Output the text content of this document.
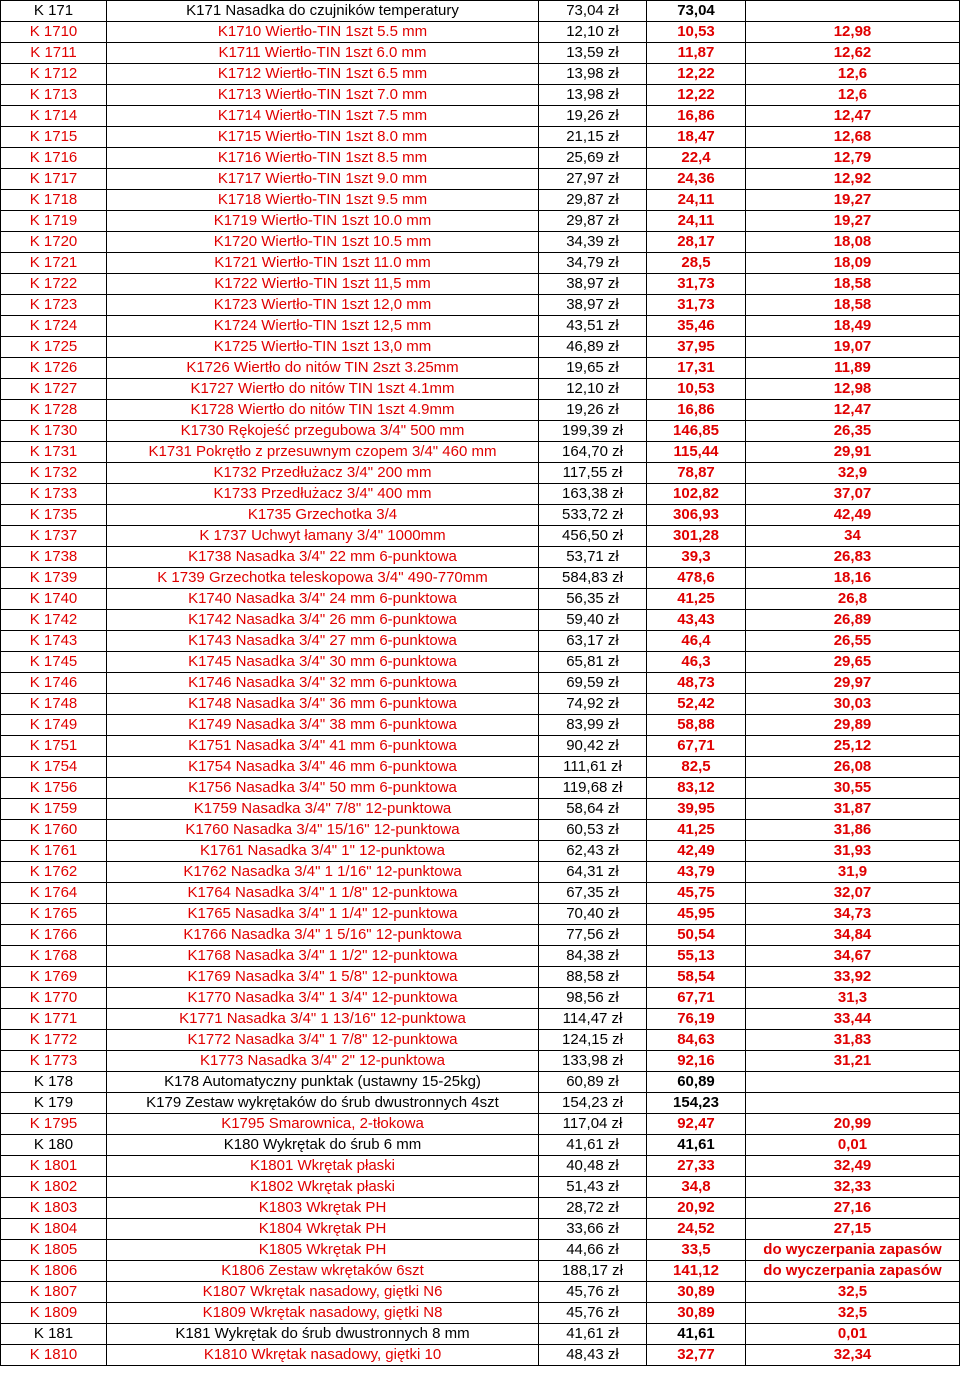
K 171	K171 Nasadka do czujników temperatury	73,04 zł	73,04	
K 1710	K1710 Wiertło-TIN 1szt 5.5 mm	12,10 zł	10,53	12,98
K 1711	K1711 Wiertło-TIN 1szt 6.0 mm	13,59 zł	11,87	12,62
K 1712	K1712 Wiertło-TIN 1szt 6.5 mm	13,98 zł	12,22	12,6
K 1713	K1713 Wiertło-TIN 1szt 7.0 mm	13,98 zł	12,22	12,6
K 1714	K1714 Wiertło-TIN 1szt 7.5 mm	19,26 zł	16,86	12,47
K 1715	K1715 Wiertło-TIN 1szt 8.0 mm	21,15 zł	18,47	12,68
K 1716	K1716 Wiertło-TIN 1szt 8.5 mm	25,69 zł	22,4	12,79
K 1717	K1717 Wiertło-TIN 1szt 9.0 mm	27,97 zł	24,36	12,92
K 1718	K1718 Wiertło-TIN 1szt 9.5 mm	29,87 zł	24,11	19,27
K 1719	K1719 Wiertło-TIN 1szt 10.0 mm	29,87 zł	24,11	19,27
K 1720	K1720 Wiertło-TIN 1szt 10.5 mm	34,39 zł	28,17	18,08
K 1721	K1721 Wiertło-TIN 1szt 11.0 mm	34,79 zł	28,5	18,09
K 1722	K1722 Wiertło-TIN 1szt 11,5 mm	38,97 zł	31,73	18,58
K 1723	K1723 Wiertło-TIN 1szt 12,0 mm	38,97 zł	31,73	18,58
K 1724	K1724 Wiertło-TIN 1szt 12,5 mm	43,51 zł	35,46	18,49
K 1725	K1725 Wiertło-TIN 1szt 13,0 mm	46,89 zł	37,95	19,07
K 1726	K1726 Wiertło do nitów TIN 2szt 3.25mm	19,65 zł	17,31	11,89
K 1727	K1727 Wiertło do nitów TIN 1szt 4.1mm	12,10 zł	10,53	12,98
K 1728	K1728 Wiertło do nitów TIN 1szt 4.9mm	19,26 zł	16,86	12,47
K 1730	K1730 Rękojeść przegubowa 3/4" 500 mm	199,39 zł	146,85	26,35
K 1731	K1731 Pokrętło z przesuwnym czopem 3/4" 460 mm	164,70 zł	115,44	29,91
K 1732	K1732 Przedłużacz 3/4" 200 mm	117,55 zł	78,87	32,9
K 1733	K1733 Przedłużacz 3/4" 400 mm	163,38 zł	102,82	37,07
K 1735	K1735 Grzechotka 3/4	533,72 zł	306,93	42,49
K 1737	K 1737 Uchwyt łamany 3/4" 1000mm	456,50 zł	301,28	34
K 1738	K1738 Nasadka 3/4" 22 mm 6-punktowa	53,71 zł	39,3	26,83
K 1739	K 1739 Grzechotka teleskopowa 3/4" 490-770mm	584,83 zł	478,6	18,16
K 1740	K1740 Nasadka 3/4" 24 mm 6-punktowa	56,35 zł	41,25	26,8
K 1742	K1742 Nasadka 3/4" 26 mm 6-punktowa	59,40 zł	43,43	26,89
K 1743	K1743 Nasadka 3/4" 27 mm 6-punktowa	63,17 zł	46,4	26,55
K 1745	K1745 Nasadka 3/4" 30 mm 6-punktowa	65,81 zł	46,3	29,65
K 1746	K1746 Nasadka 3/4" 32 mm 6-punktowa	69,59 zł	48,73	29,97
K 1748	K1748 Nasadka 3/4" 36 mm 6-punktowa	74,92 zł	52,42	30,03
K 1749	K1749 Nasadka 3/4" 38 mm 6-punktowa	83,99 zł	58,88	29,89
K 1751	K1751 Nasadka 3/4" 41 mm 6-punktowa	90,42 zł	67,71	25,12
K 1754	K1754 Nasadka 3/4" 46 mm 6-punktowa	111,61 zł	82,5	26,08
K 1756	K1756 Nasadka 3/4" 50 mm 6-punktowa	119,68 zł	83,12	30,55
K 1759	K1759 Nasadka 3/4" 7/8" 12-punktowa	58,64 zł	39,95	31,87
K 1760	K1760 Nasadka 3/4" 15/16" 12-punktowa	60,53 zł	41,25	31,86
K 1761	K1761 Nasadka 3/4" 1" 12-punktowa	62,43 zł	42,49	31,93
K 1762	K1762 Nasadka 3/4" 1 1/16" 12-punktowa	64,31 zł	43,79	31,9
K 1764	K1764 Nasadka 3/4" 1 1/8" 12-punktowa	67,35 zł	45,75	32,07
K 1765	K1765 Nasadka 3/4" 1 1/4" 12-punktowa	70,40 zł	45,95	34,73
K 1766	K1766 Nasadka 3/4" 1 5/16" 12-punktowa	77,56 zł	50,54	34,84
K 1768	K1768 Nasadka 3/4" 1 1/2" 12-punktowa	84,38 zł	55,13	34,67
K 1769	K1769 Nasadka 3/4" 1 5/8" 12-punktowa	88,58 zł	58,54	33,92
K 1770	K1770 Nasadka 3/4" 1 3/4" 12-punktowa	98,56 zł	67,71	31,3
K 1771	K1771 Nasadka 3/4" 1 13/16" 12-punktowa	114,47 zł	76,19	33,44
K 1772	K1772 Nasadka 3/4" 1 7/8" 12-punktowa	124,15 zł	84,63	31,83
K 1773	K1773 Nasadka 3/4" 2" 12-punktowa	133,98 zł	92,16	31,21
K 178	K178 Automatyczny punktak (ustawny 15-25kg)	60,89 zł	60,89	
K 179	K179 Zestaw wykrętaków do śrub dwustronnych 4szt	154,23 zł	154,23	
K 1795	K1795 Smarownica, 2-tłokowa	117,04 zł	92,47	20,99
K 180	K180 Wykrętak do śrub 6 mm	41,61 zł	41,61	0,01
K 1801	K1801 Wkrętak płaski	40,48 zł	27,33	32,49
K 1802	K1802 Wkrętak płaski	51,43 zł	34,8	32,33
K 1803	K1803 Wkrętak PH	28,72 zł	20,92	27,16
K 1804	K1804 Wkrętak PH	33,66 zł	24,52	27,15
K 1805	K1805 Wkrętak PH	44,66 zł	33,5	do wyczerpania zapasów
K 1806	K1806 Zestaw wkrętaków 6szt	188,17 zł	141,12	do wyczerpania zapasów
K 1807	K1807 Wkrętak nasadowy, giętki N6	45,76 zł	30,89	32,5
K 1809	K1809 Wkrętak nasadowy, giętki N8	45,76 zł	30,89	32,5
K 181	K181 Wykrętak do śrub dwustronnych 8 mm	41,61 zł	41,61	0,01
K 1810	K1810 Wkrętak nasadowy, giętki 10	48,43 zł	32,77	32,34
